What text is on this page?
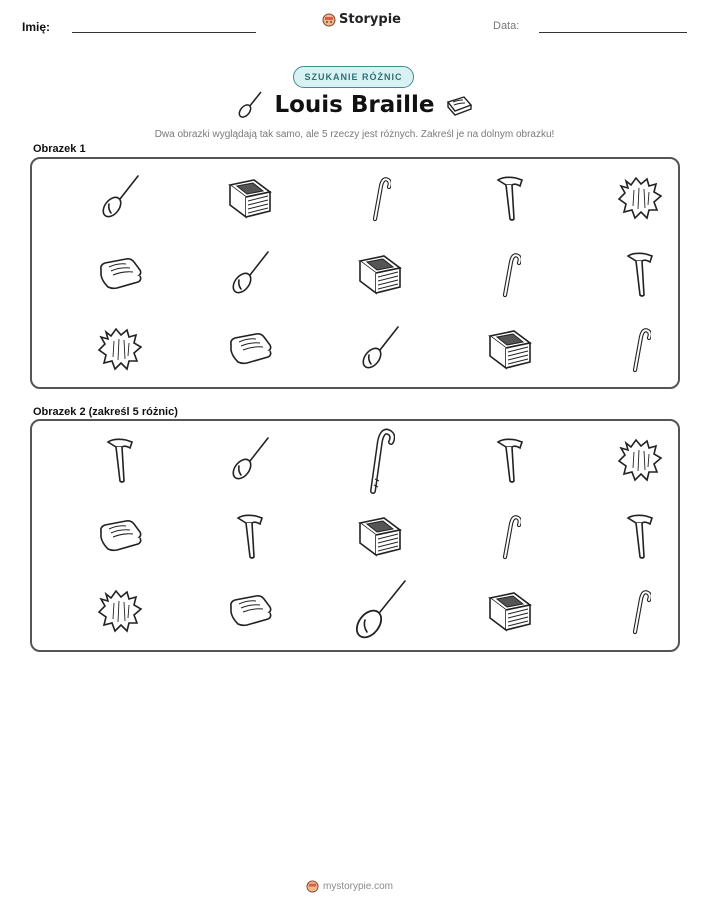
Imię:	Storypie	Data:
SZUKANIE RÓŻNIC
Louis Braille
Dwa obrazki wyglądają tak samo, ale 5 rzeczy jest różnych. Zakreśl je na dolnym obrazku!
Obrazek 1
Obrazek 2 (zakreśl 5 różnic)
mystorypie.com
